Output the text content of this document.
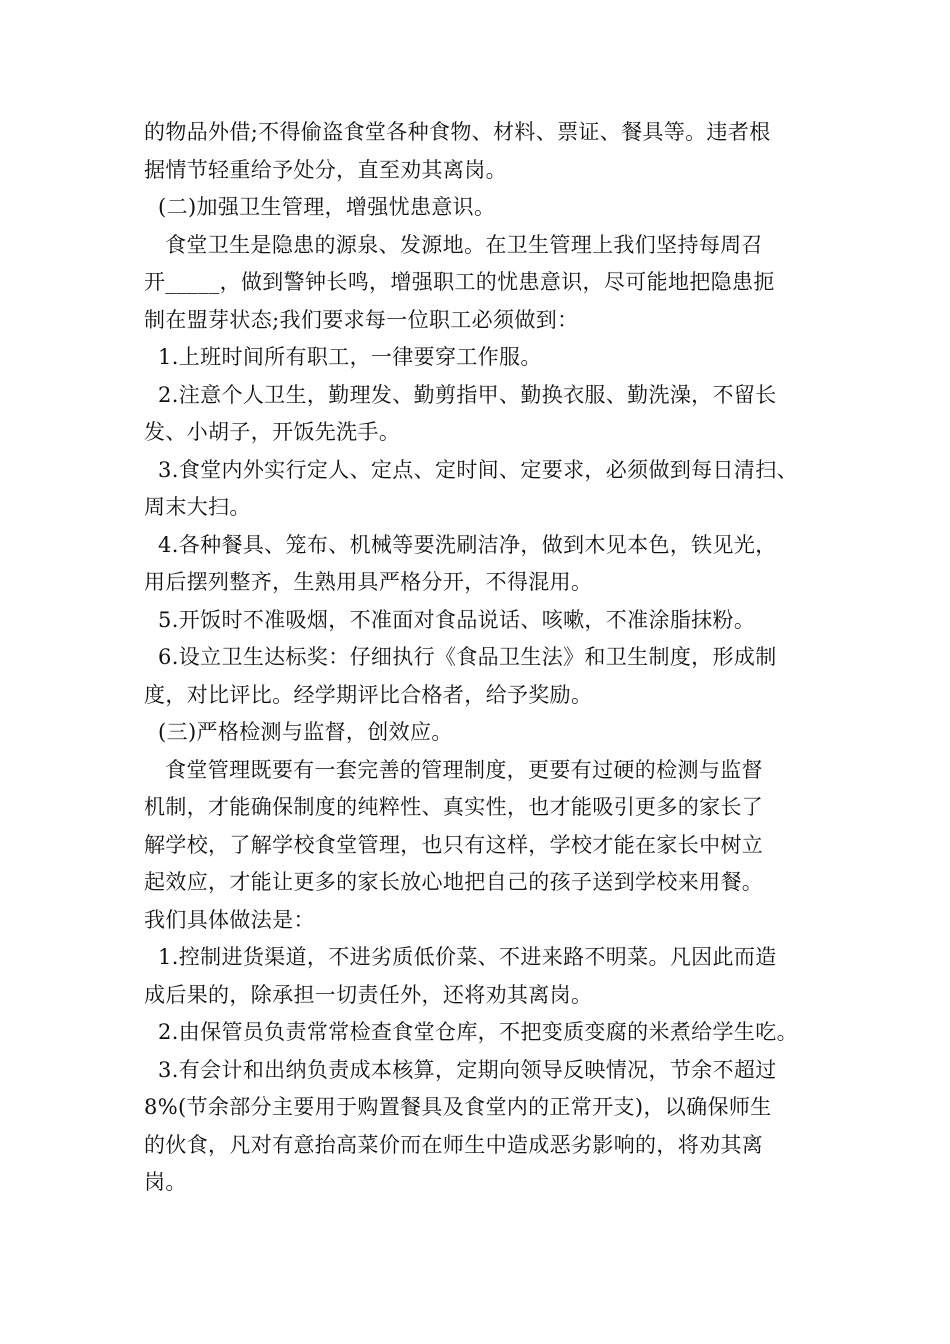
的物品外借;不得偷盗食堂各种食物、材料、票证、餐具等。违者根
据情节轻重给予处分，直至劝其离岗。
(二)加强卫生管理，增强忧患意识。
食堂卫生是隐患的源泉、发源地。在卫生管理上我们坚持每周召
开_____，做到警钟长鸣，增强职工的忧患意识，尽可能地把隐患扼
制在盟芽状态;我们要求每一位职工必须做到：
1.上班时间所有职工，一律要穿工作服。
2.注意个人卫生，勤理发、勤剪指甲、勤换衣服、勤洗澡，不留长
发、小胡子，开饭先洗手。
3.食堂内外实行定人、定点、定时间、定要求，必须做到每日清扫、
周末大扫。
4.各种餐具、笼布、机械等要洗刷洁净，做到木见本色，铁见光，
用后摆列整齐，生熟用具严格分开，不得混用。
5.开饭时不准吸烟，不准面对食品说话、咳嗽，不准涂脂抹粉。
6.设立卫生达标奖：仔细执行《食品卫生法》和卫生制度，形成制
度，对比评比。经学期评比合格者，给予奖励。
(三)严格检测与监督，创效应。
食堂管理既要有一套完善的管理制度，更要有过硬的检测与监督
机制，才能确保制度的纯粹性、真实性，也才能吸引更多的家长了
解学校，了解学校食堂管理，也只有这样，学校才能在家长中树立
起效应，才能让更多的家长放心地把自己的孩子送到学校来用餐。
我们具体做法是：
1.控制进货渠道，不进劣质低价菜、不进来路不明菜。凡因此而造
成后果的，除承担一切责任外，还将劝其离岗。
2.由保管员负责常常检查食堂仓库，不把变质变腐的米煮给学生吃。
3.有会计和出纳负责成本核算，定期向领导反映情况，节余不超过
8%(节余部分主要用于购置餐具及食堂内的正常开支)，以确保师生
的伙食，凡对有意抬高菜价而在师生中造成恶劣影响的，将劝其离
岗。
